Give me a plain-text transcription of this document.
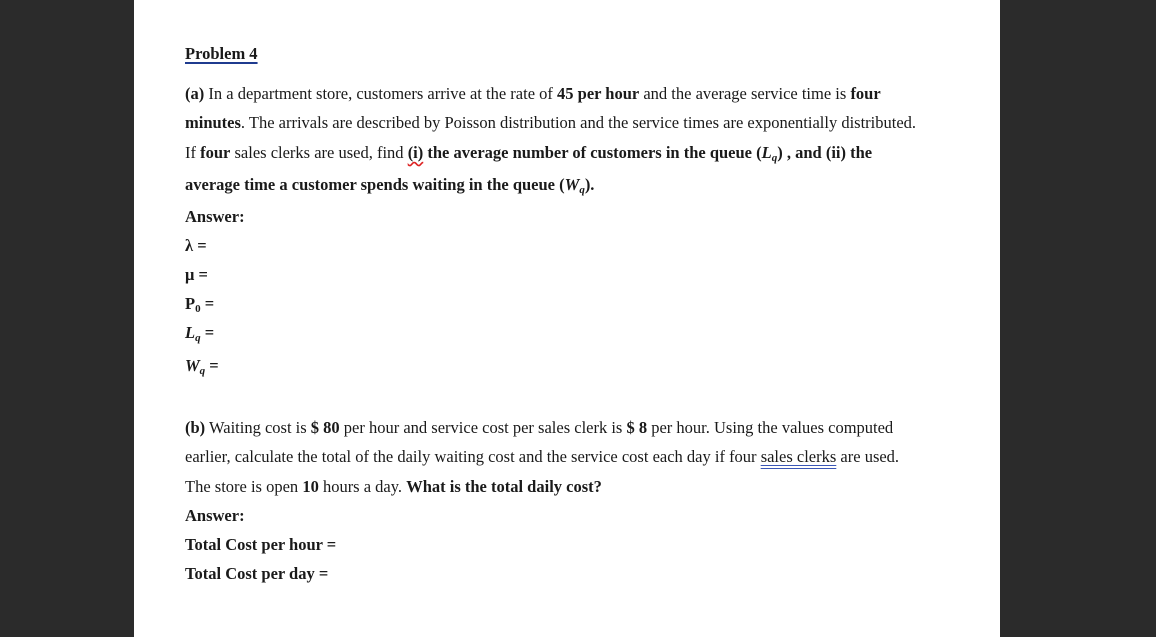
Problem 4
(a) In a department store, customers arrive at the rate of 45 per hour and the average service time is four
minutes. The arrivals are described by Poisson distribution and the service times are exponentially distributed.
If four sales clerks are used, find (i) the average number of customers in the queue $(L_q)$ , and (ii) the
average time a customer spends waiting in the queue $(W_q)$.
Answer:
λ =
μ =
$P_0$ =
$L_q$ =
$W_q$ =
(b) Waiting cost is $ 80 per hour and service cost per sales clerk is $ 8 per hour. Using the values computed
earlier, calculate the total of the daily waiting cost and the service cost each day if four sales clerks are used.
The store is open 10 hours a day. What is the total daily cost?
Answer:
Total Cost per hour =
Total Cost per day =
